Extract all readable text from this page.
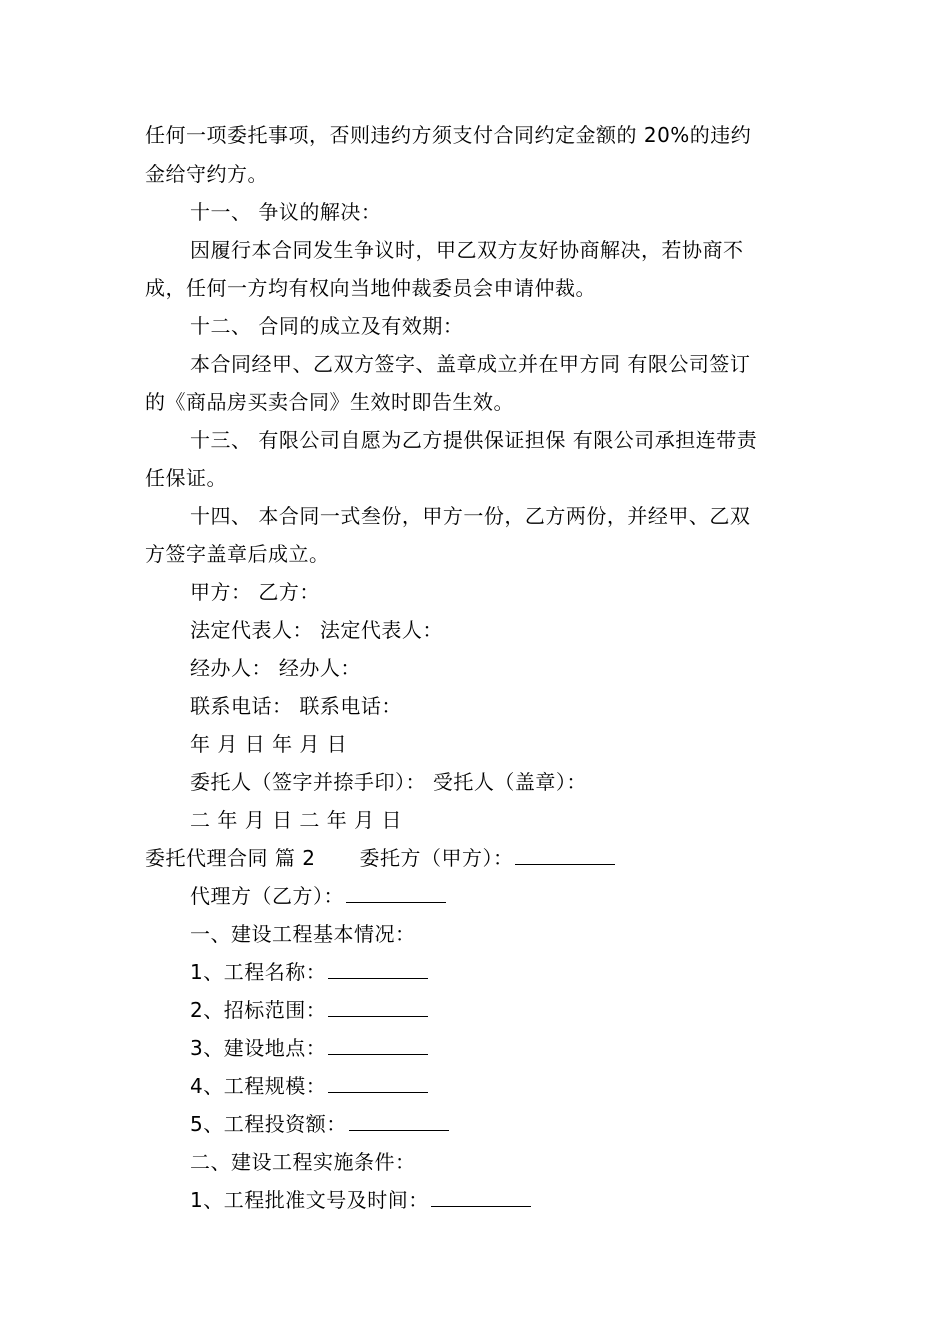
任何一项委托事项，否则违约方须支付合同约定金额的 20%的违约
金给守约方。
十一、 争议的解决：
因履行本合同发生争议时，甲乙双方友好协商解决，若协商不
成，任何一方均有权向当地仲裁委员会申请仲裁。
十二、 合同的成立及有效期：
本合同经甲、乙双方签字、盖章成立并在甲方同 有限公司签订
的《商品房买卖合同》生效时即告生效。
十三、 有限公司自愿为乙方提供保证担保 有限公司承担连带责
任保证。
十四、 本合同一式叁份，甲方一份，乙方两份，并经甲、乙双
方签字盖章后成立。
甲方： 乙方：
法定代表人： 法定代表人：
经办人： 经办人：
联系电话： 联系电话：
年 月 日 年 月 日
委托人（签字并捺手印）： 受托人（盖章）：
二 年 月 日 二 年 月 日
委托代理合同 篇 2 委托方（甲方）：
代理方（乙方）：
一、建设工程基本情况：
1、工程名称：
2、招标范围：
3、建设地点：
4、工程规模：
5、工程投资额：
二、建设工程实施条件：
1、工程批准文号及时间：
